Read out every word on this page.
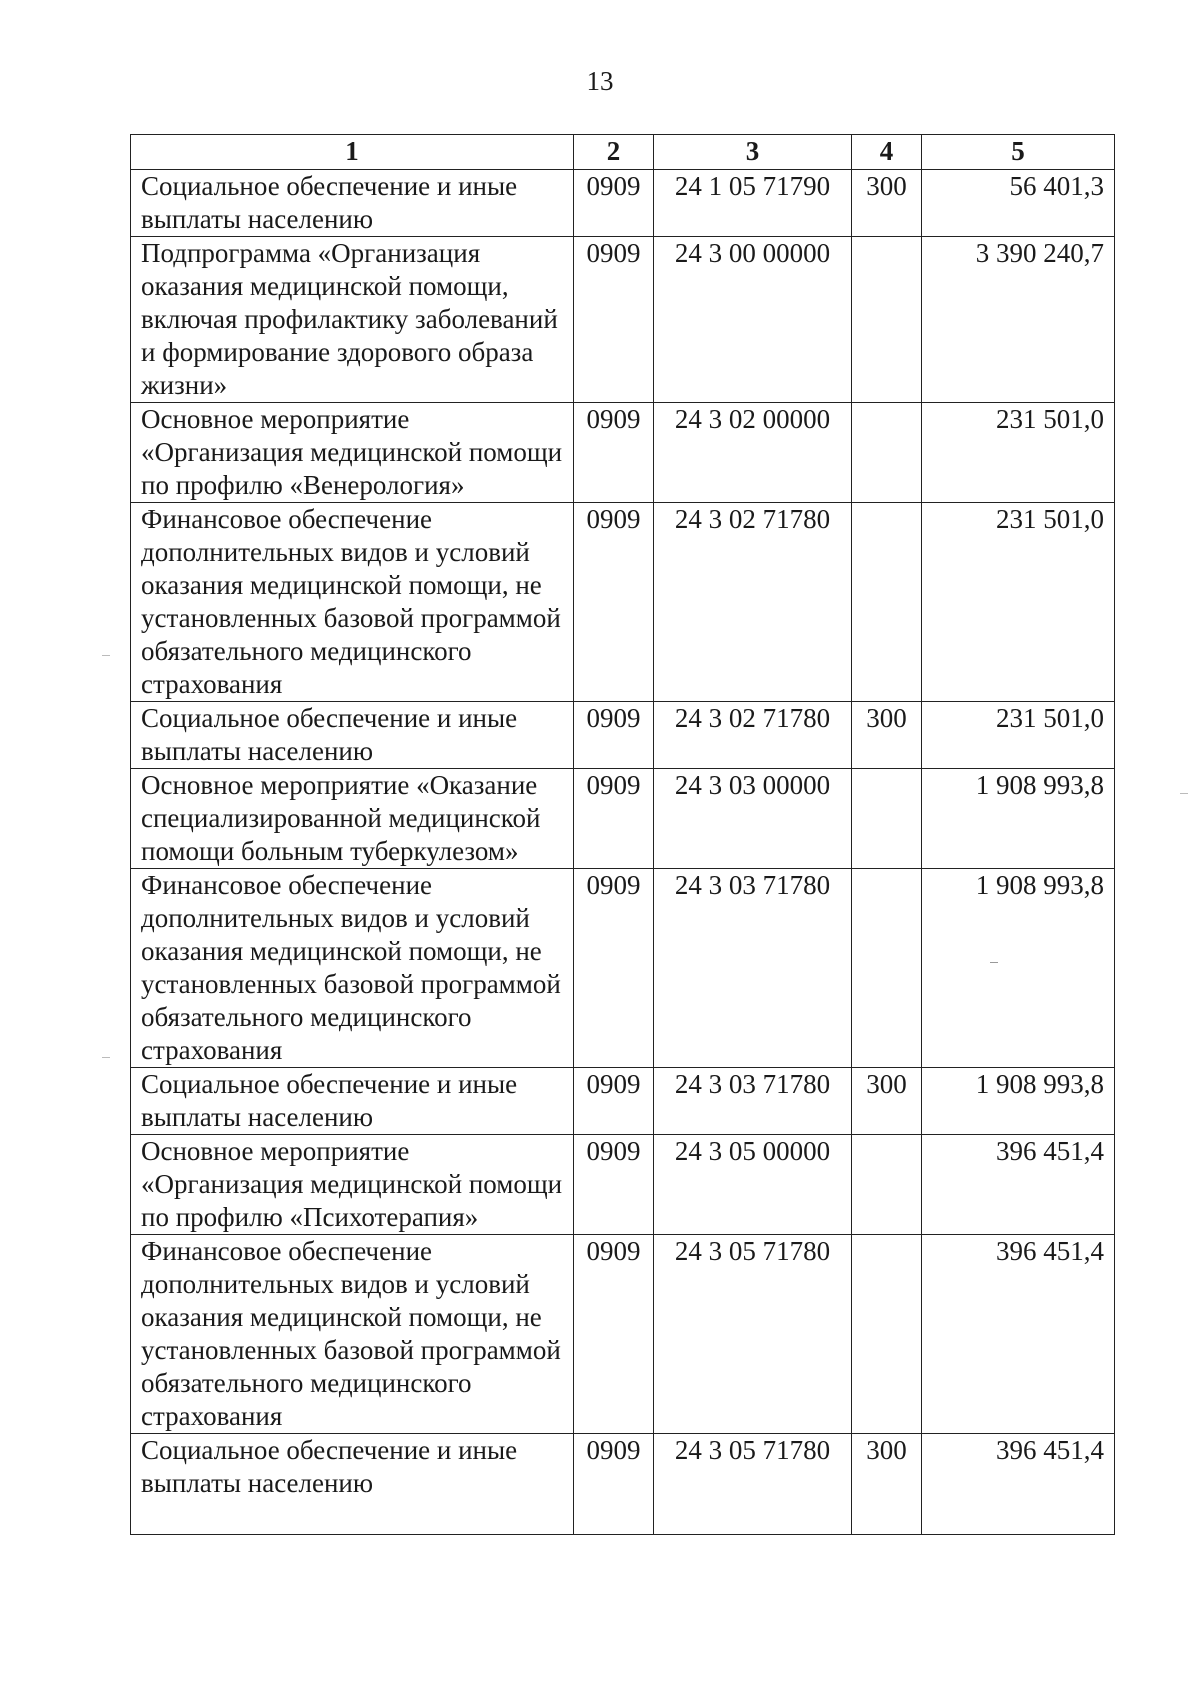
13
1	2	3	4	5
Социальное обеспечение и иные выплаты населению	0909	24 1 05 71790	300	56 401,3
Подпрограмма «Организация оказания медицинской помощи, включая профилактику заболеваний и формирование здорового образа жизни»	0909	24 3 00 00000		3 390 240,7
Основное мероприятие «Организация медицинской помощи по профилю «Венерология»	0909	24 3 02 00000		231 501,0
Финансовое обеспечение дополнительных видов и условий оказания медицинской помощи, не установленных базовой программой обязательного медицинского страхования	0909	24 3 02 71780		231 501,0
Социальное обеспечение и иные выплаты населению	0909	24 3 02 71780	300	231 501,0
Основное мероприятие «Оказание специализированной медицинской помощи больным туберкулезом»	0909	24 3 03 00000		1 908 993,8
Финансовое обеспечение дополнительных видов и условий оказания медицинской помощи, не установленных базовой программой обязательного медицинского страхования	0909	24 3 03 71780		1 908 993,8
Социальное обеспечение и иные выплаты населению	0909	24 3 03 71780	300	1 908 993,8
Основное мероприятие «Организация медицинской помощи по профилю «Психотерапия»	0909	24 3 05 00000		396 451,4
Финансовое обеспечение дополнительных видов и условий оказания медицинской помощи, не установленных базовой программой обязательного медицинского страхования	0909	24 3 05 71780		396 451,4
Социальное обеспечение и иные выплаты населению	0909	24 3 05 71780	300	396 451,4
